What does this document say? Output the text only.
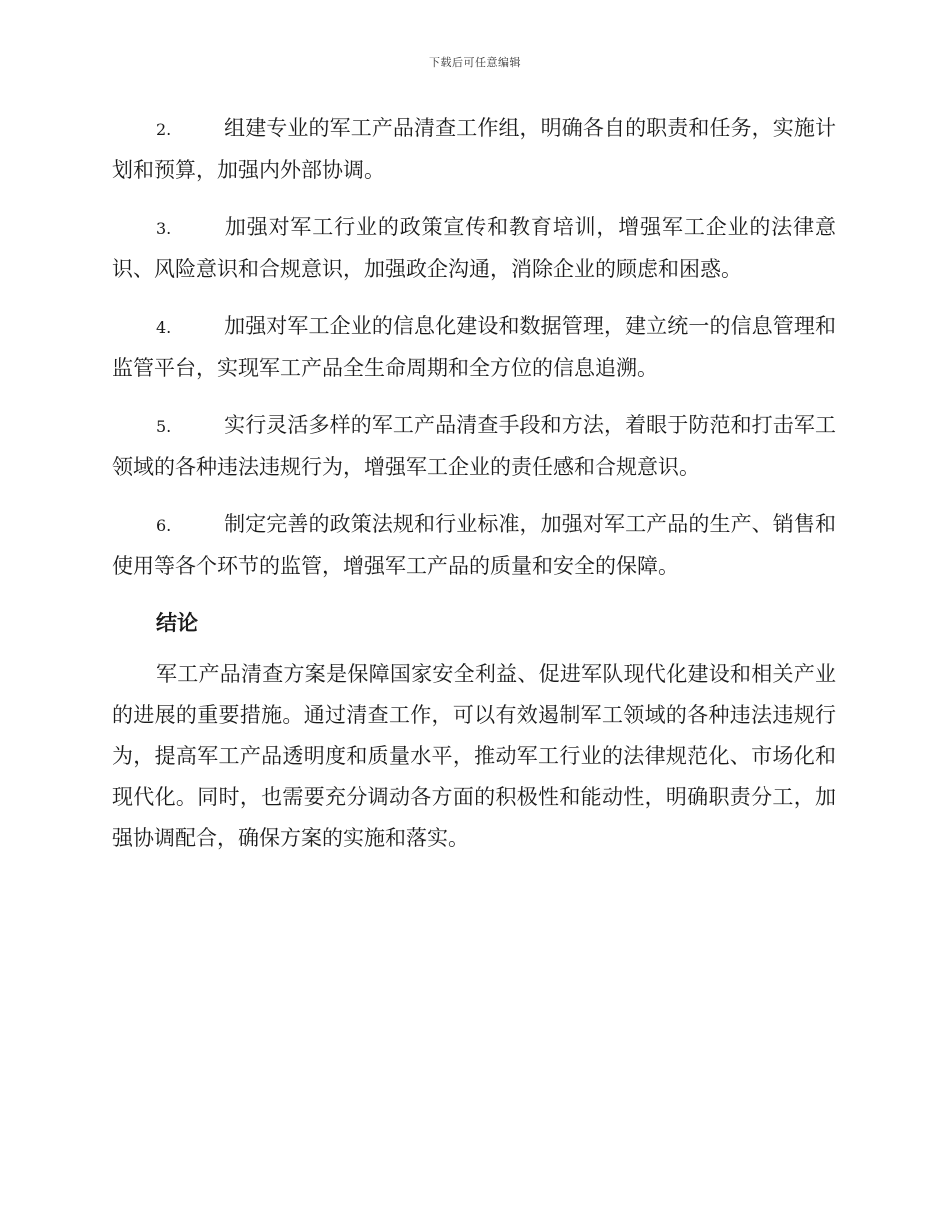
下载后可任意编辑

2.	组建专业的军工产品清查工作组，明确各自的职责和任务，实施计划和预算，加强内外部协调。

3.	加强对军工行业的政策宣传和教育培训，增强军工企业的法律意识、风险意识和合规意识，加强政企沟通，消除企业的顾虑和困惑。

4.	加强对军工企业的信息化建设和数据管理，建立统一的信息管理和监管平台，实现军工产品全生命周期和全方位的信息追溯。

5.	实行灵活多样的军工产品清查手段和方法，着眼于防范和打击军工领域的各种违法违规行为，增强军工企业的责任感和合规意识。

6.	制定完善的政策法规和行业标准，加强对军工产品的生产、销售和使用等各个环节的监管，增强军工产品的质量和安全的保障。

结论

军工产品清查方案是保障国家安全利益、促进军队现代化建设和相关产业的进展的重要措施。通过清查工作，可以有效遏制军工领域的各种违法违规行为，提高军工产品透明度和质量水平，推动军工行业的法律规范化、市场化和现代化。同时，也需要充分调动各方面的积极性和能动性，明确职责分工，加强协调配合，确保方案的实施和落实。
